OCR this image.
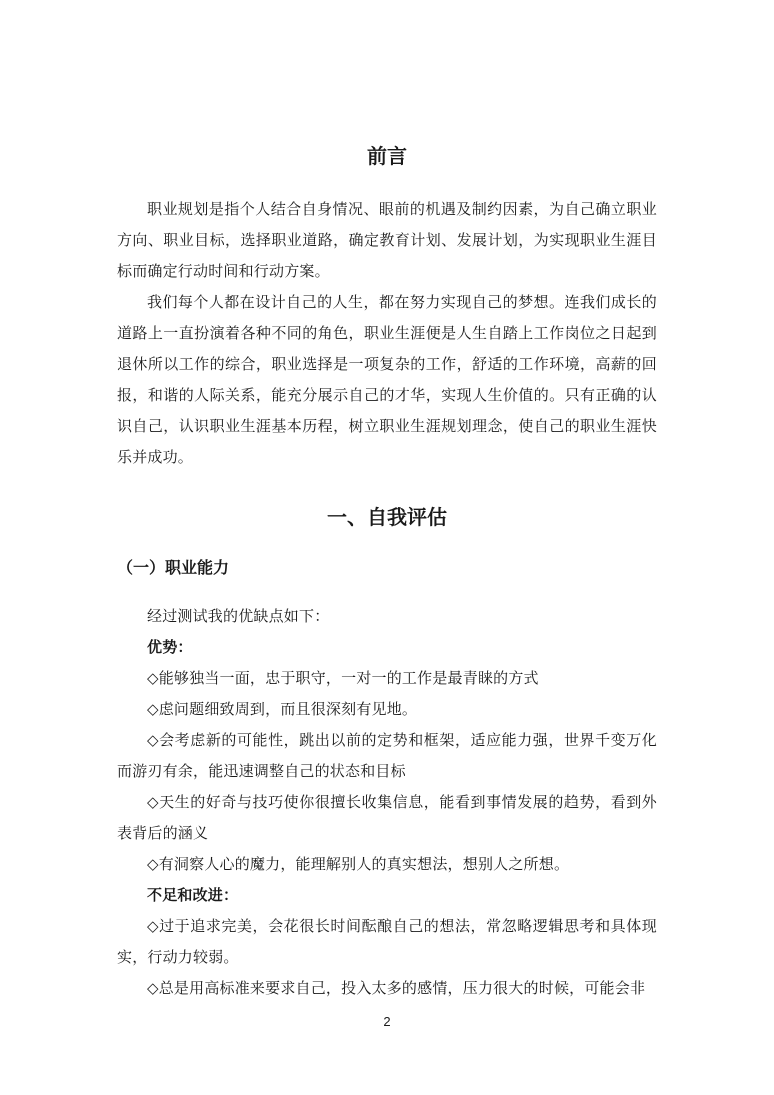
前言

职业规划是指个人结合自身情况、眼前的机遇及制约因素，为自己确立职业方向、职业目标，选择职业道路，确定教育计划、发展计划，为实现职业生涯目标而确定行动时间和行动方案。

我们每个人都在设计自己的人生，都在努力实现自己的梦想。连我们成长的道路上一直扮演着各种不同的角色，职业生涯便是人生自踏上工作岗位之日起到退休所以工作的综合，职业选择是一项复杂的工作，舒适的工作环境，高薪的回报，和谐的人际关系，能充分展示自己的才华，实现人生价值的。只有正确的认识自己，认识职业生涯基本历程，树立职业生涯规划理念，使自己的职业生涯快乐并成功。

一、自我评估
（一）职业能力

经过测试我的优缺点如下：

优势：

◇能够独当一面，忠于职守，一对一的工作是最青睐的方式

◇虑问题细致周到，而且很深刻有见地。

◇会考虑新的可能性，跳出以前的定势和框架，适应能力强，世界千变万化而游刃有余，能迅速调整自己的状态和目标

◇天生的好奇与技巧使你很擅长收集信息，能看到事情发展的趋势，看到外表背后的涵义

◇有洞察人心的魔力，能理解别人的真实想法，想别人之所想。

不足和改进：

◇过于追求完美，会花很长时间酝酿自己的想法，常忽略逻辑思考和具体现实，行动力较弱。

◇总是用高标准来要求自己，投入太多的感情，压力很大的时候，可能会非

2
